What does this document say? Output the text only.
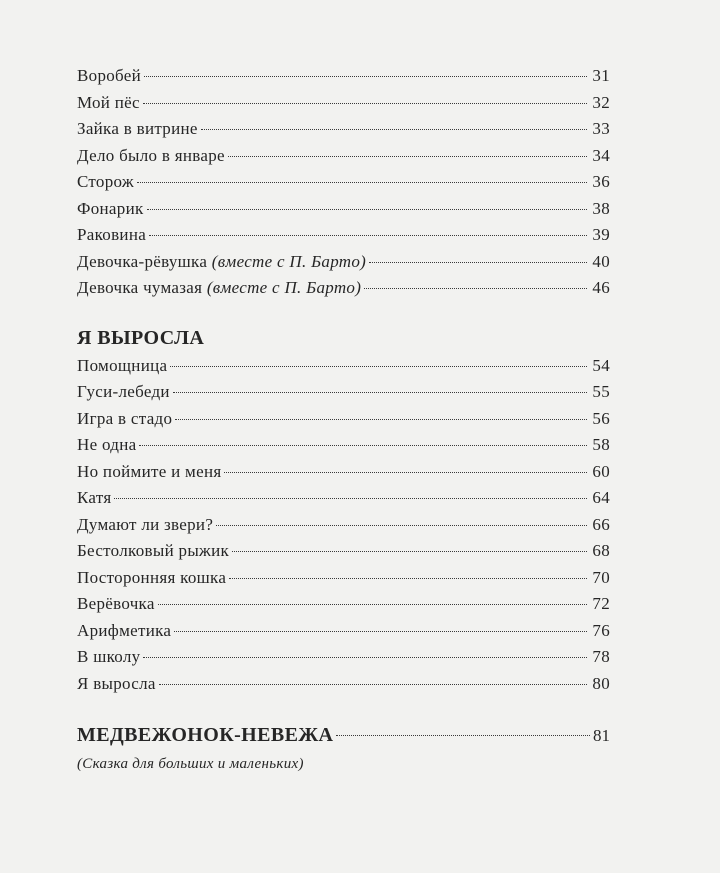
Воробей	31
Мой пёс	32
Зайка в витрине	33
Дело было в январе	34
Сторож	36
Фонарик	38
Раковина	39
Девочка-рёвушка (вместе с П. Барто)	40
Девочка чумазая (вместе с П. Барто)	46
Я ВЫРОСЛА
Помощница	54
Гуси-лебеди	55
Игра в стадо	56
Не одна	58
Но поймите и меня	60
Катя	64
Думают ли звери?	66
Бестолковый рыжик	68
Посторонняя кошка	70
Верёвочка	72
Арифметика	76
В школу	78
Я выросла	80
МЕДВЕЖОНОК-НЕВЕЖА	81
(Сказка для больших и маленьких)
